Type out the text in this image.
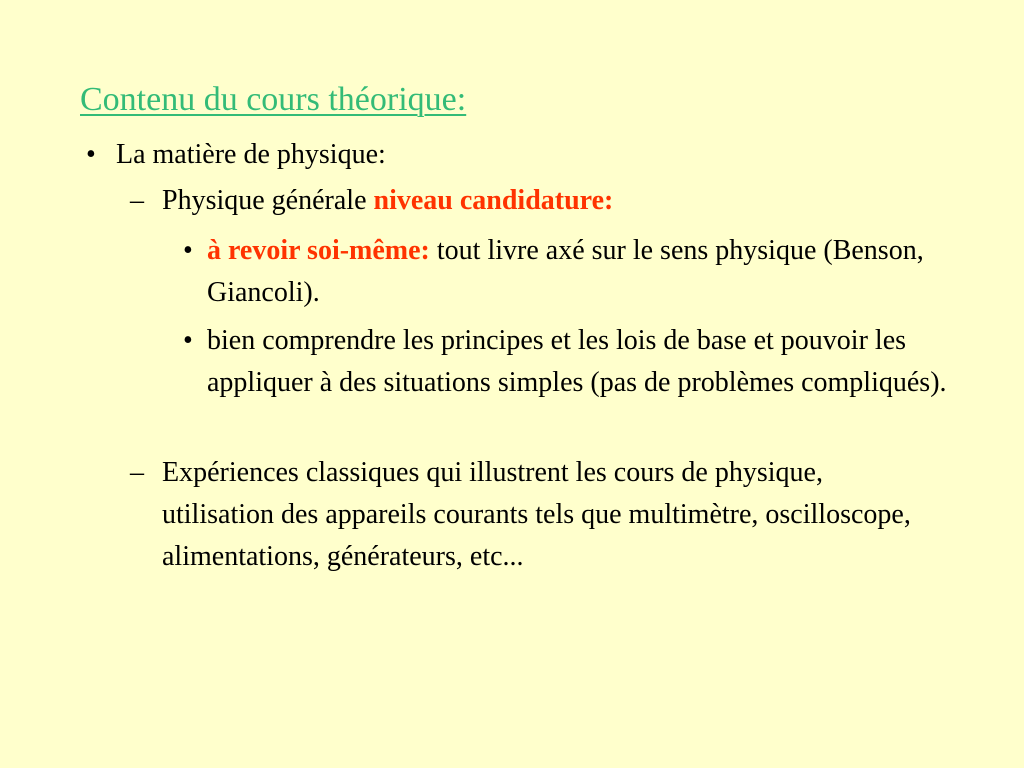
Contenu du cours théorique:
• La matière de physique:
– Physique générale niveau candidature:
• à revoir soi-même: tout livre axé sur le sens physique (Benson, Giancoli).
• bien comprendre les principes et les lois de base et pouvoir les appliquer à des situations simples (pas de problèmes compliqués).
– Expériences classiques qui illustrent les cours de physique, utilisation des appareils courants tels que multimètre, oscilloscope, alimentations, générateurs, etc...
